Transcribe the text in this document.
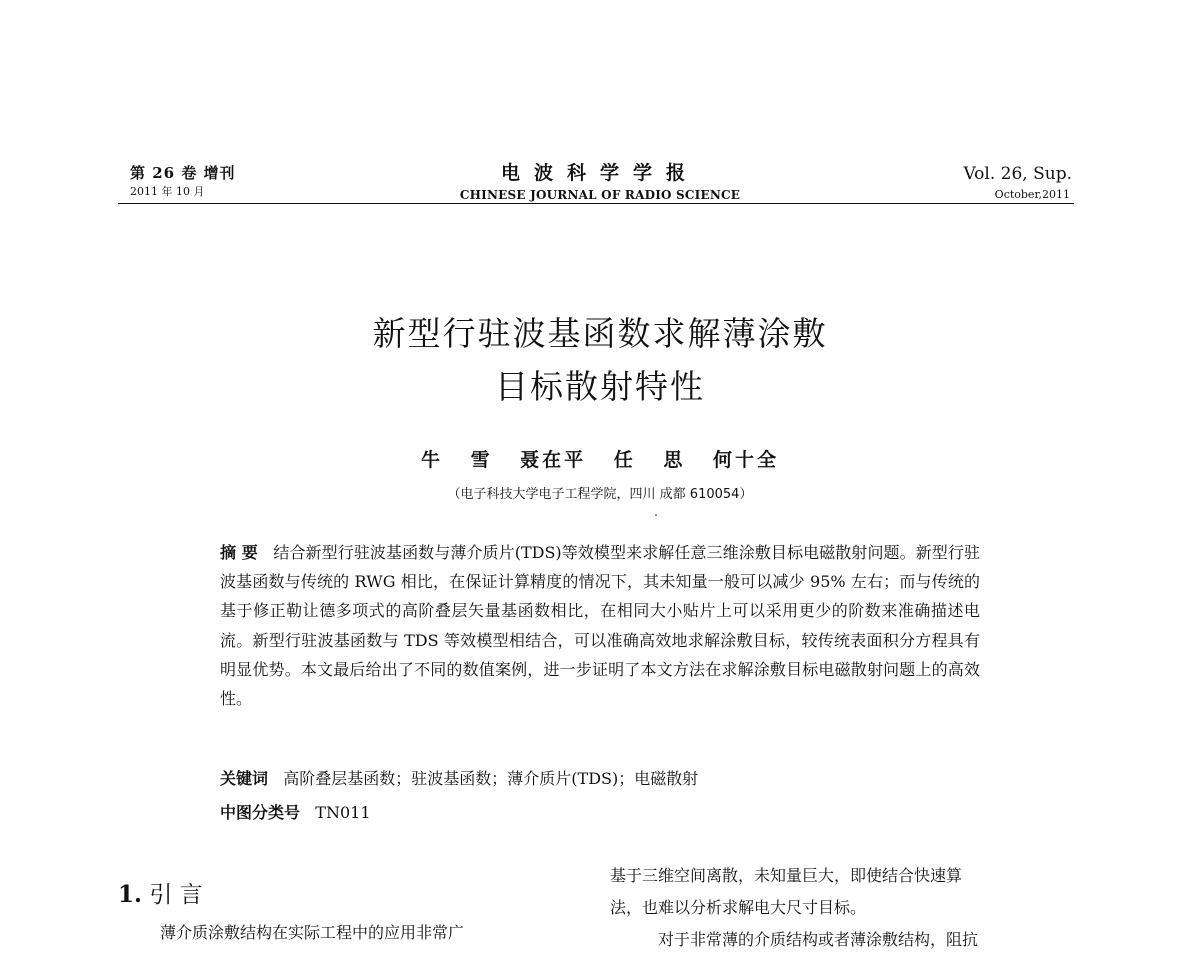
第 26 卷 增刊
2011 年 10 月
电波科学学报
CHINESE JOURNAL OF RADIO SCIENCE
Vol. 26, Sup.
October,2011
新型行驻波基函数求解薄涂敷
目标散射特性
牛 雪 聂在平 任 思 何十全
（电子科技大学电子工程学院，四川 成都 610054）
摘 要 结合新型行驻波基函数与薄介质片(TDS)等效模型来求解任意三维涂敷目标电磁散射问题。新型行驻波基函数与传统的 RWG 相比，在保证计算精度的情况下，其未知量一般可以减少 95% 左右；而与传统的基于修正勒让德多项式的高阶叠层矢量基函数相比，在相同大小贴片上可以采用更少的阶数来准确描述电流。新型行驻波基函数与 TDS 等效模型相结合，可以准确高效地求解涂敷目标，较传统表面积分方程具有明显优势。本文最后给出了不同的数值案例，进一步证明了本文方法在求解涂敷目标电磁散射问题上的高效性。
关键词 高阶叠层基函数；驻波基函数；薄介质片(TDS)；电磁散射
中图分类号 TN011
1. 引 言
薄介质涂敷结构在实际工程中的应用非常广
基于三维空间离散，未知量巨大，即使结合快速算
法，也难以分析求解电大尺寸目标。
对于非常薄的介质结构或者薄涂敷结构，阻抗
